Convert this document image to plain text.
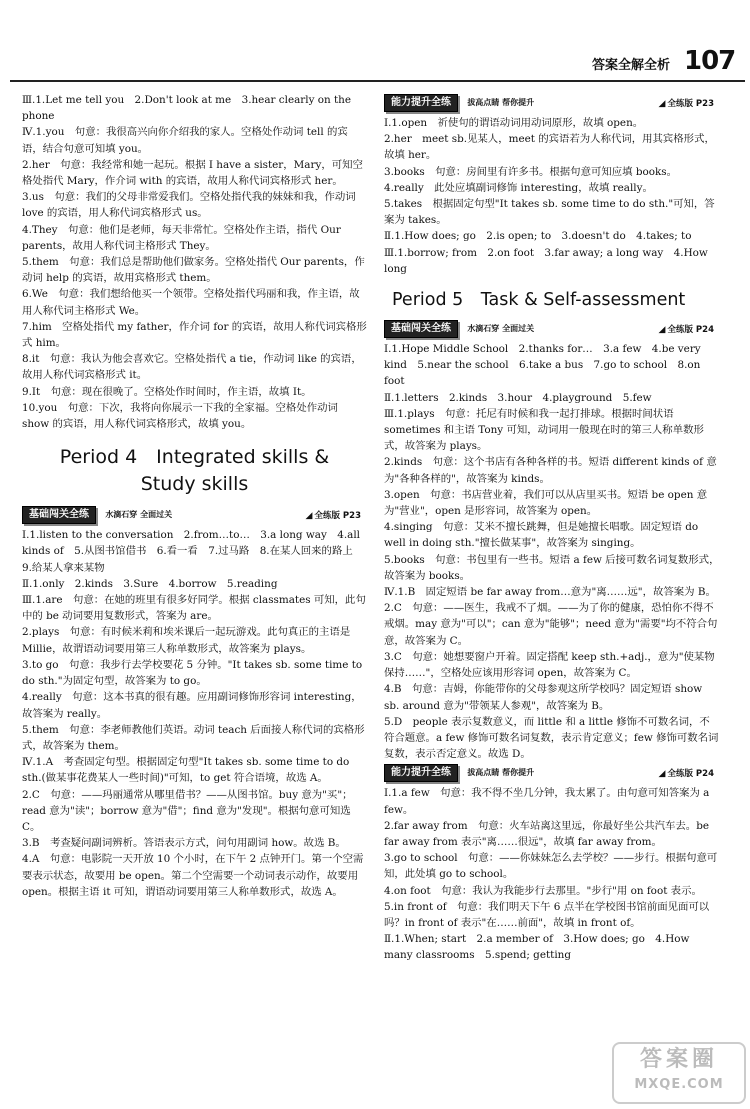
答案全解全析 107

Ⅲ.1.Let me tell you　2.Don't look at me　3.hear clearly on the phone

Ⅳ.1.you　句意：我很高兴向你介绍我的家人。空格处作动词 tell 的宾语，结合句意可知填 you。

2.her　句意：我经常和她一起玩。根据 I have a sister，Mary，可知空格处指代 Mary，作介词 with 的宾语，故用人称代词宾格形式 her。

3.us　句意：我们的父母非常爱我们。空格处指代我的妹妹和我，作动词 love 的宾语，用人称代词宾格形式 us。

4.They　句意：他们是老师，每天非常忙。空格处作主语，指代 Our parents，故用人称代词主格形式 They。

5.them　句意：我们总是帮助他们做家务。空格处指代 Our parents，作动词 help 的宾语，故用宾格形式 them。

6.We　句意：我们想给他买一个领带。空格处指代玛丽和我，作主语，故用人称代词主格形式 We。

7.him　空格处指代 my father，作介词 for 的宾语，故用人称代词宾格形式 him。

8.it　句意：我认为他会喜欢它。空格处指代 a tie，作动词 like 的宾语，故用人称代词宾格形式 it。

9.It　句意：现在很晚了。空格处作时间时，作主语，故填 It。

10.you　句意：下次，我将向你展示一下我的全家福。空格处作动词 show 的宾语，用人称代词宾格形式，故填 you。

Period 4　Integrated skills &
Study skills
基础闯关全练 水滴石穿 全面过关	◢ 全练版 P23

Ⅰ.1.listen to the conversation　2.from…to…　3.a long way　4.all kinds of　5.从图书馆借书　6.看一看　7.过马路　8.在某人回来的路上　9.给某人拿来某物

Ⅱ.1.only　2.kinds　3.Sure　4.borrow　5.reading

Ⅲ.1.are　句意：在她的班里有很多好同学。根据 classmates 可知，此句中的 be 动词要用复数形式，答案为 are。

2.plays　句意：有时候米莉和埃米课后一起玩游戏。此句真正的主语是 Millie，故谓语动词要用第三人称单数形式，故答案为 plays。

3.to go　句意：我步行去学校要花 5 分钟。"It takes sb. some time to do sth."为固定句型，故答案为 to go。

4.really　句意：这本书真的很有趣。应用副词修饰形容词 interesting，故答案为 really。

5.them　句意：李老师教他们英语。动词 teach 后面接人称代词的宾格形式，故答案为 them。

Ⅳ.1.A　考查固定句型。根据固定句型"It takes sb. some time to do sth.(做某事花费某人一些时间)"可知，to get 符合语境，故选 A。

2.C　句意：——玛丽通常从哪里借书？——从图书馆。buy 意为"买"；read 意为"读"；borrow 意为"借"；find 意为"发现"。根据句意可知选 C。

3.B　考查疑问副词辨析。答语表示方式，问句用副词 how。故选 B。

4.A　句意：电影院一天开放 10 个小时，在下午 2 点钟开门。第一个空需要表示状态，故要用 be open。第二个空需要一个动词表示动作，故要用 open。根据主语 it 可知，谓语动词要用第三人称单数形式，故选 A。

能力提升全练 拔高点睛 帮你提升	◢ 全练版 P23

Ⅰ.1.open　祈使句的谓语动词用动词原形，故填 open。

2.her　meet sb.见某人，meet 的宾语若为人称代词，用其宾格形式，故填 her。

3.books　句意：房间里有许多书。根据句意可知应填 books。

4.really　此处应填副词修饰 interesting，故填 really。

5.takes　根据固定句型"It takes sb. some time to do sth."可知，答案为 takes。

Ⅱ.1.How does; go　2.is open; to　3.doesn't do　4.takes; to

Ⅲ.1.borrow; from　2.on foot　3.far away; a long way　4.How long

Period 5　Task & Self-assessment
基础闯关全练 水滴石穿 全面过关	◢ 全练版 P24

Ⅰ.1.Hope Middle School　2.thanks for…　3.a few　4.be very kind　5.near the school　6.take a bus　7.go to school　8.on foot

Ⅱ.1.letters　2.kinds　3.hour　4.playground　5.few

Ⅲ.1.plays　句意：托尼有时候和我一起打排球。根据时间状语 sometimes 和主语 Tony 可知，动词用一般现在时的第三人称单数形式，故答案为 plays。

2.kinds　句意：这个书店有各种各样的书。短语 different kinds of 意为"各种各样的"，故答案为 kinds。

3.open　句意：书店营业着，我们可以从店里买书。短语 be open 意为"营业"，open 是形容词，故答案为 open。

4.singing　句意：艾米不擅长跳舞，但是她擅长唱歌。固定短语 do well in doing sth."擅长做某事"，故答案为 singing。

5.books　句意：书包里有一些书。短语 a few 后接可数名词复数形式，故答案为 books。

Ⅳ.1.B　固定短语 be far away from…意为"离……远"，故答案为 B。

2.C　句意：——医生，我戒不了烟。——为了你的健康，恐怕你不得不戒烟。may 意为"可以"；can 意为"能够"；need 意为"需要"均不符合句意，故答案为 C。

3.C　句意：她想要窗户开着。固定搭配 keep sth.+adj.，意为"使某物保持……"，空格处应该用形容词 open，故答案为 C。

4.B　句意：吉姆，你能带你的父母参观这所学校吗？固定短语 show sb. around 意为"带领某人参观"，故答案为 B。

5.D　people 表示复数意义，而 little 和 a little 修饰不可数名词，不符合题意。a few 修饰可数名词复数，表示肯定意义；few 修饰可数名词复数，表示否定意义。故选 D。

能力提升全练 拔高点睛 帮你提升	◢ 全练版 P24

Ⅰ.1.a few　句意：我不得不坐几分钟，我太累了。由句意可知答案为 a few。

2.far away from　句意：火车站离这里远，你最好坐公共汽车去。be far away from 表示"离……很远"，故填 far away from。

3.go to school　句意：——你妹妹怎么去学校？——步行。根据句意可知，此处填 go to school。

4.on foot　句意：我认为我能步行去那里。"步行"用 on foot 表示。

5.in front of　句意：我们明天下午 6 点半在学校图书馆前面见面可以吗？in front of 表示"在……前面"，故填 in front of。

Ⅱ.1.When; start　2.a member of　3.How does; go　4.How many classrooms　5.spend; getting

答案圈
MXQE.COM
